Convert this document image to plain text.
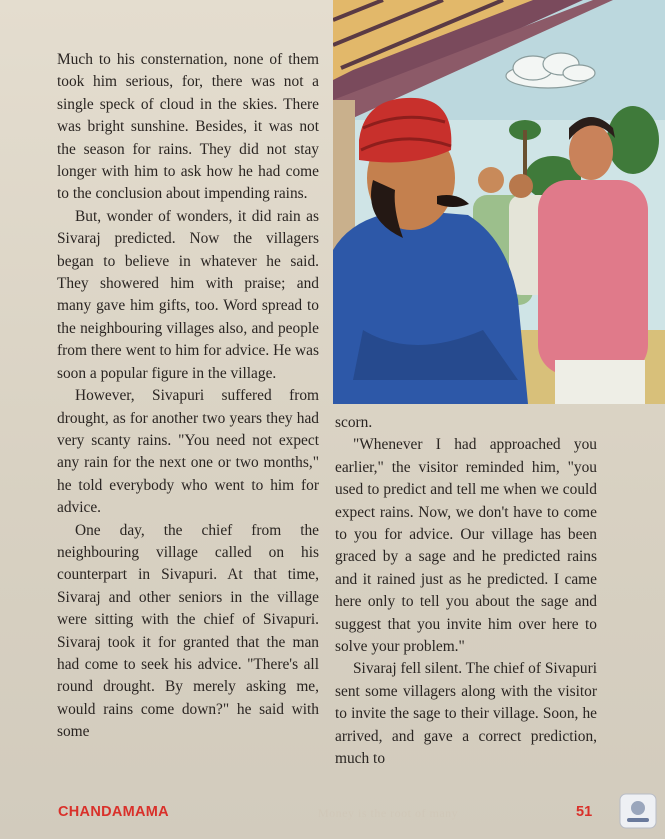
Much to his consternation, none of them took him serious, for, there was not a single speck of cloud in the skies. There was bright sunshine. Besides, it was not the season for rains. They did not stay longer with him to ask how he had come to the conclusion about impending rains.

But, wonder of wonders, it did rain as Sivaraj predicted. Now the villagers began to believe in whatever he said. They showered him with praise; and many gave him gifts, too. Word spread to the neighbouring villages also, and people from there went to him for advice. He was soon a popular figure in the village.

However, Sivapuri suffered from drought, as for another two years they had very scanty rains. "You need not expect any rain for the next one or two months," he told everybody who went to him for advice.

One day, the chief from the neighbouring village called on his counterpart in Sivapuri. At that time, Sivaraj and other seniors in the village were sitting with the chief of Sivapuri. Sivaraj took it for granted that the man had come to seek his advice. "There's all round drought. By merely asking me, would rains come down?" he said with some

scorn.

"Whenever I had approached you earlier," the visitor reminded him, "you used to predict and tell me when we could expect rains. Now, we don't have to come to you for advice. Our village has been graced by a sage and he predicted rains and it rained just as he predicted. I came here only to tell you about the sage and suggest that you invite him over here to solve your problem."

Sivaraj fell silent. The chief of Sivapuri sent some villagers along with the visitor to invite the sage to their village. Soon, he arrived, and gave a correct prediction, much to

CHANDAMAMA	Money is the root of many	51
